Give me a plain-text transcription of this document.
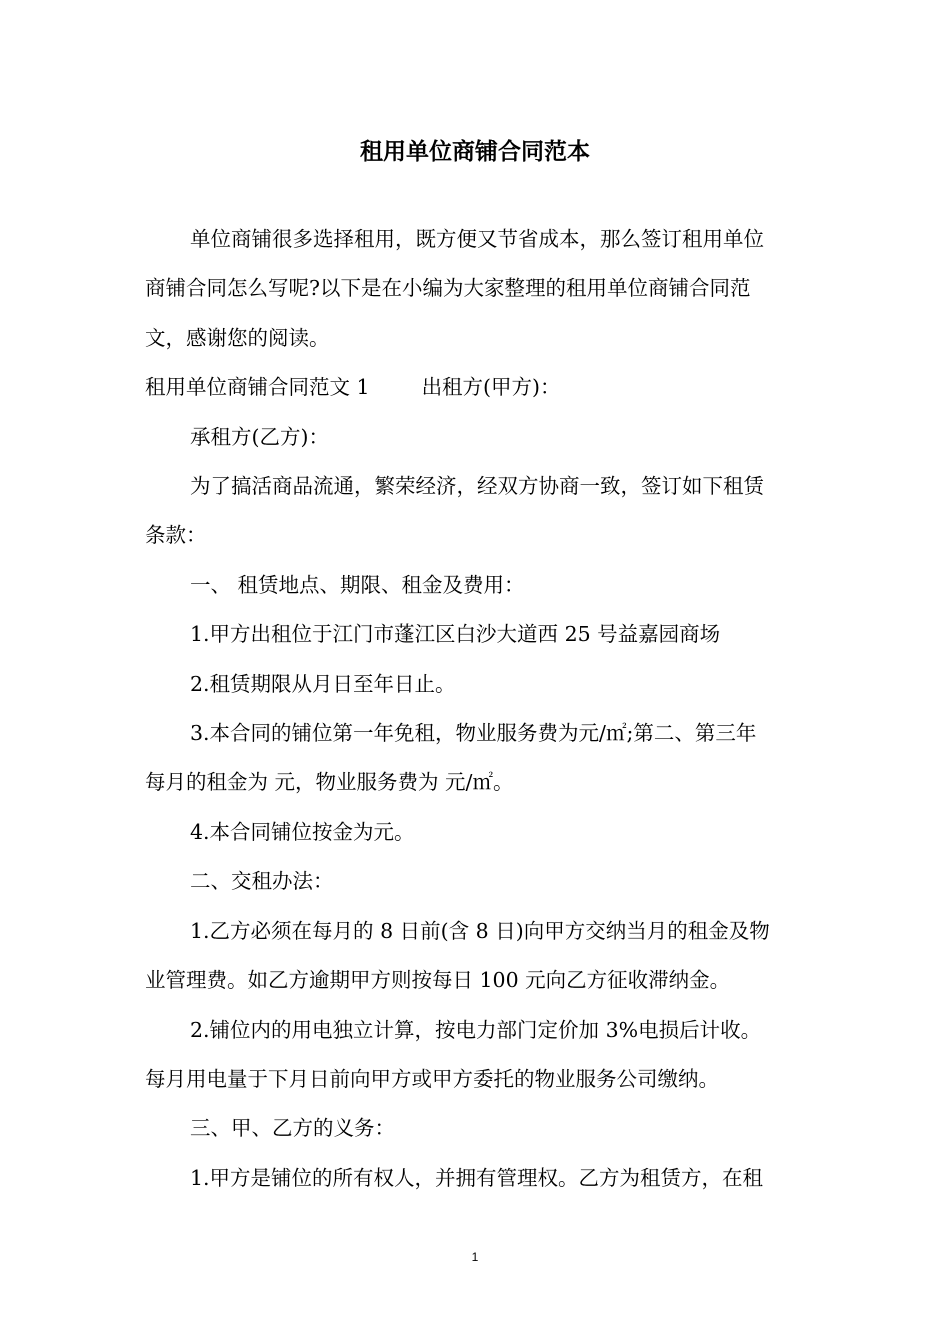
租用单位商铺合同范本

单位商铺很多选择租用，既方便又节省成本，那么签订租用单位

商铺合同怎么写呢?以下是在小编为大家整理的租用单位商铺合同范

文，感谢您的阅读。

租用单位商铺合同范文 1	出租方(甲方)：

承租方(乙方)：

为了搞活商品流通，繁荣经济，经双方协商一致，签订如下租赁

条款：

一、 租赁地点、期限、租金及费用：

1.甲方出租位于江门市蓬江区白沙大道西 25 号益嘉园商场

2.租赁期限从月日至年日止。

3.本合同的铺位第一年免租，物业服务费为元/㎡;第二、第三年

每月的租金为 元，物业服务费为 元/㎡。

4.本合同铺位按金为元。

二、交租办法：

1.乙方必须在每月的 8 日前(含 8 日)向甲方交纳当月的租金及物

业管理费。如乙方逾期甲方则按每日 100 元向乙方征收滞纳金。

2.铺位内的用电独立计算，按电力部门定价加 3%电损后计收。

每月用电量于下月日前向甲方或甲方委托的物业服务公司缴纳。

三、甲、乙方的义务：

1.甲方是铺位的所有权人，并拥有管理权。乙方为租赁方，在租

1
